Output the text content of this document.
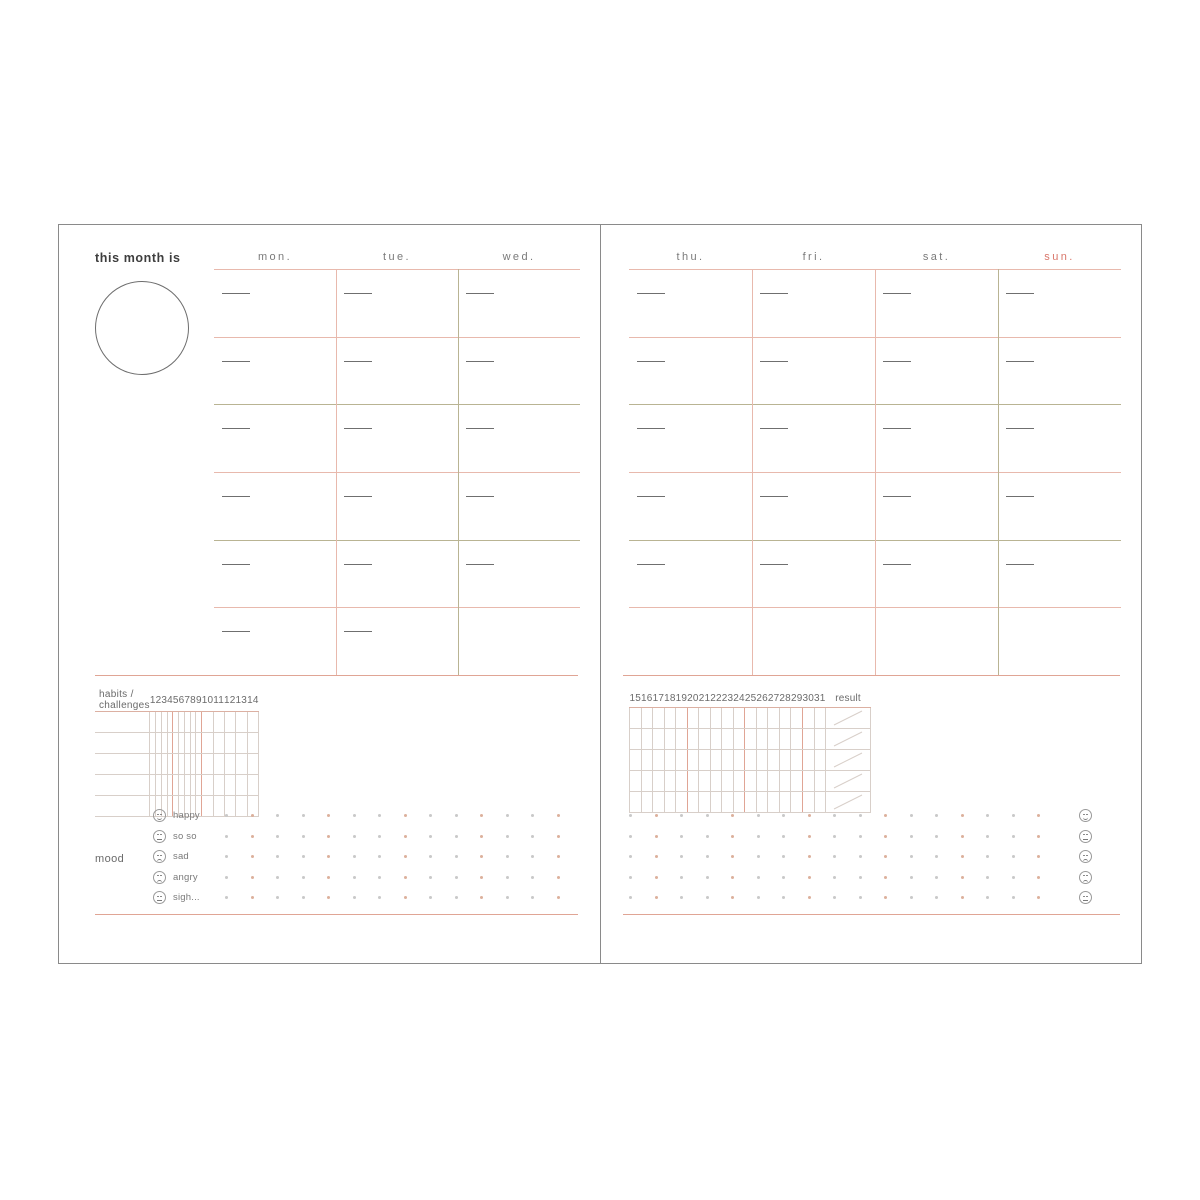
this month is	mon.	tue.	wed.
habits / challenges	1	2	3	4	5	6	7	8	9	10	11	12	13	14

mood
happy
so so
sad
angry
sigh...
thu.	fri.	sat.	sun.
15	16	17	18	19	20	21	22	23	24	25	26	27	28	29	30	31	result
